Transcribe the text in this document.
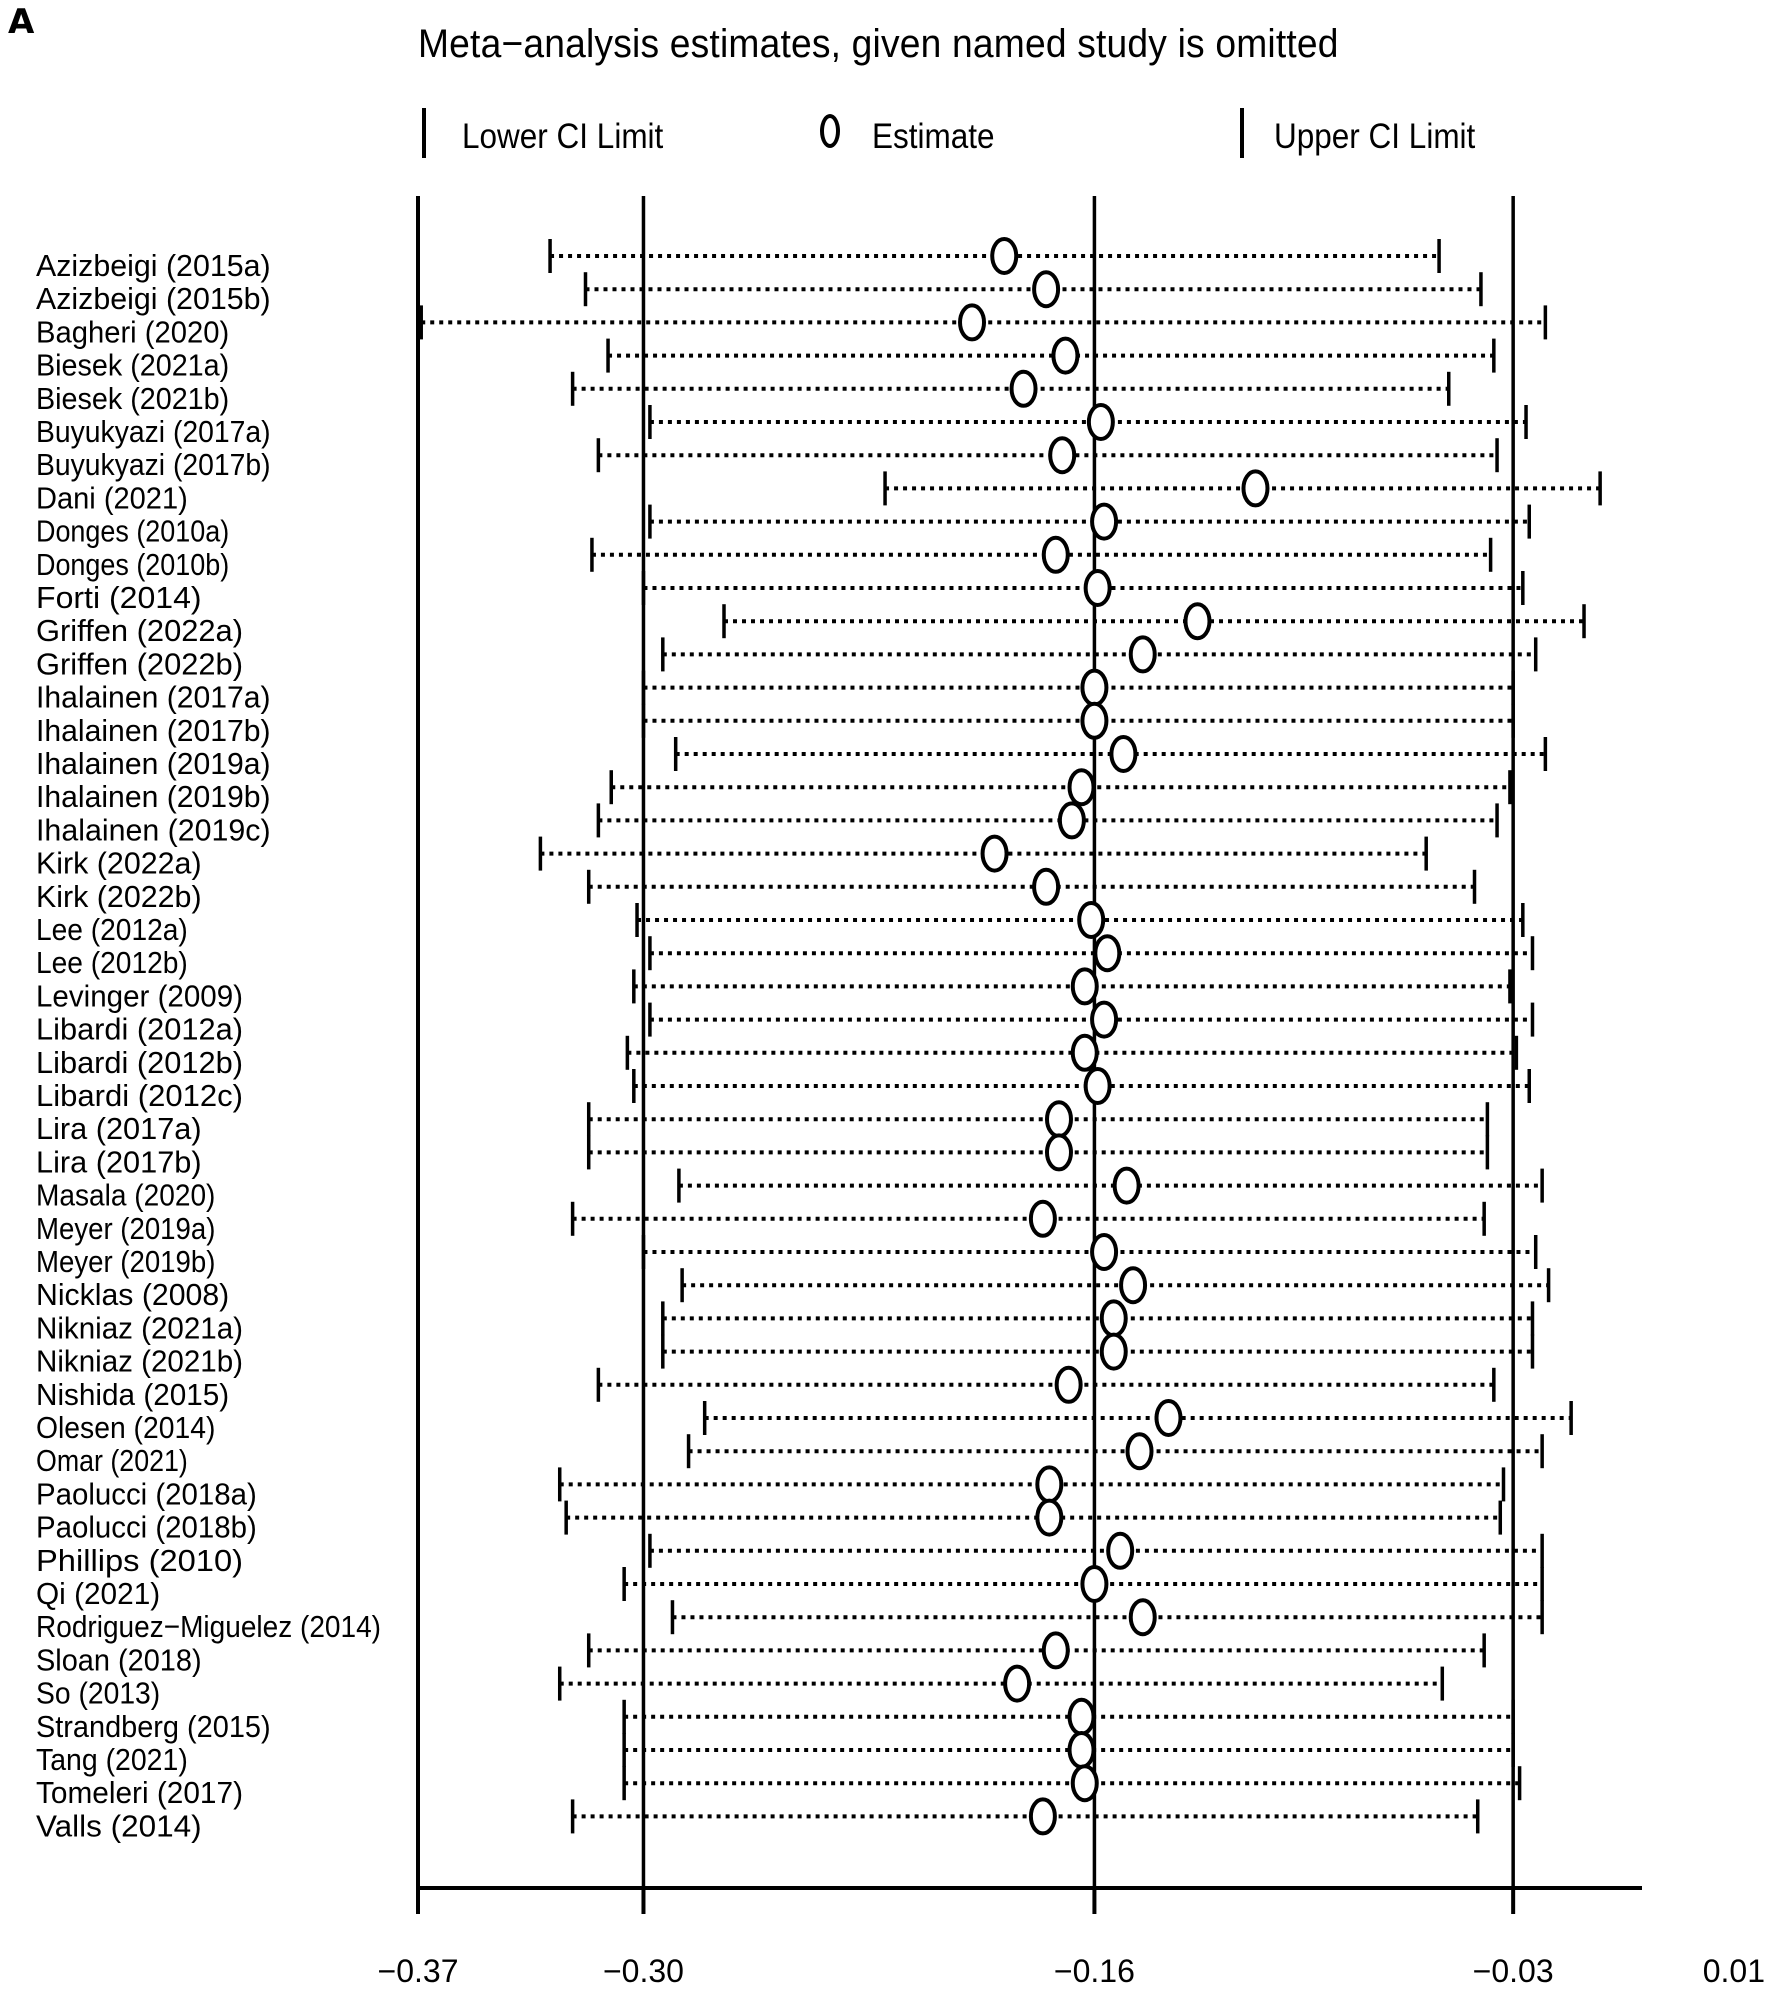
A	Meta−analysis estimates, given named study is omitted
Lower CI Limit	Estimate	Upper CI Limit
Azizbeigi (2015a)
Azizbeigi (2015b)
Bagheri (2020)
Biesek (2021a)
Biesek (2021b)
Buyukyazi (2017a)
Buyukyazi (2017b)
Dani (2021)
Donges (2010a)
Donges (2010b)
Forti (2014)
Griffen (2022a)
Griffen (2022b)
Ihalainen (2017a)
Ihalainen (2017b)
Ihalainen (2019a)
Ihalainen (2019b)
Ihalainen (2019c)
Kirk (2022a)
Kirk (2022b)
Lee (2012a)
Lee (2012b)
Levinger (2009)
Libardi (2012a)
Libardi (2012b)
Libardi (2012c)
Lira (2017a)
Lira (2017b)
Masala (2020)
Meyer (2019a)
Meyer (2019b)
Nicklas (2008)
Nikniaz (2021a)
Nikniaz (2021b)
Nishida (2015)
Olesen (2014)
Omar (2021)
Paolucci (2018a)
Paolucci (2018b)
Phillips (2010)
Qi (2021)
Rodriguez−Miguelez (2014)
Sloan (2018)
So (2013)
Strandberg (2015)
Tang (2021)
Tomeleri (2017)
Valls (2014)
−0.37	−0.30	−0.16	−0.03	0.01
